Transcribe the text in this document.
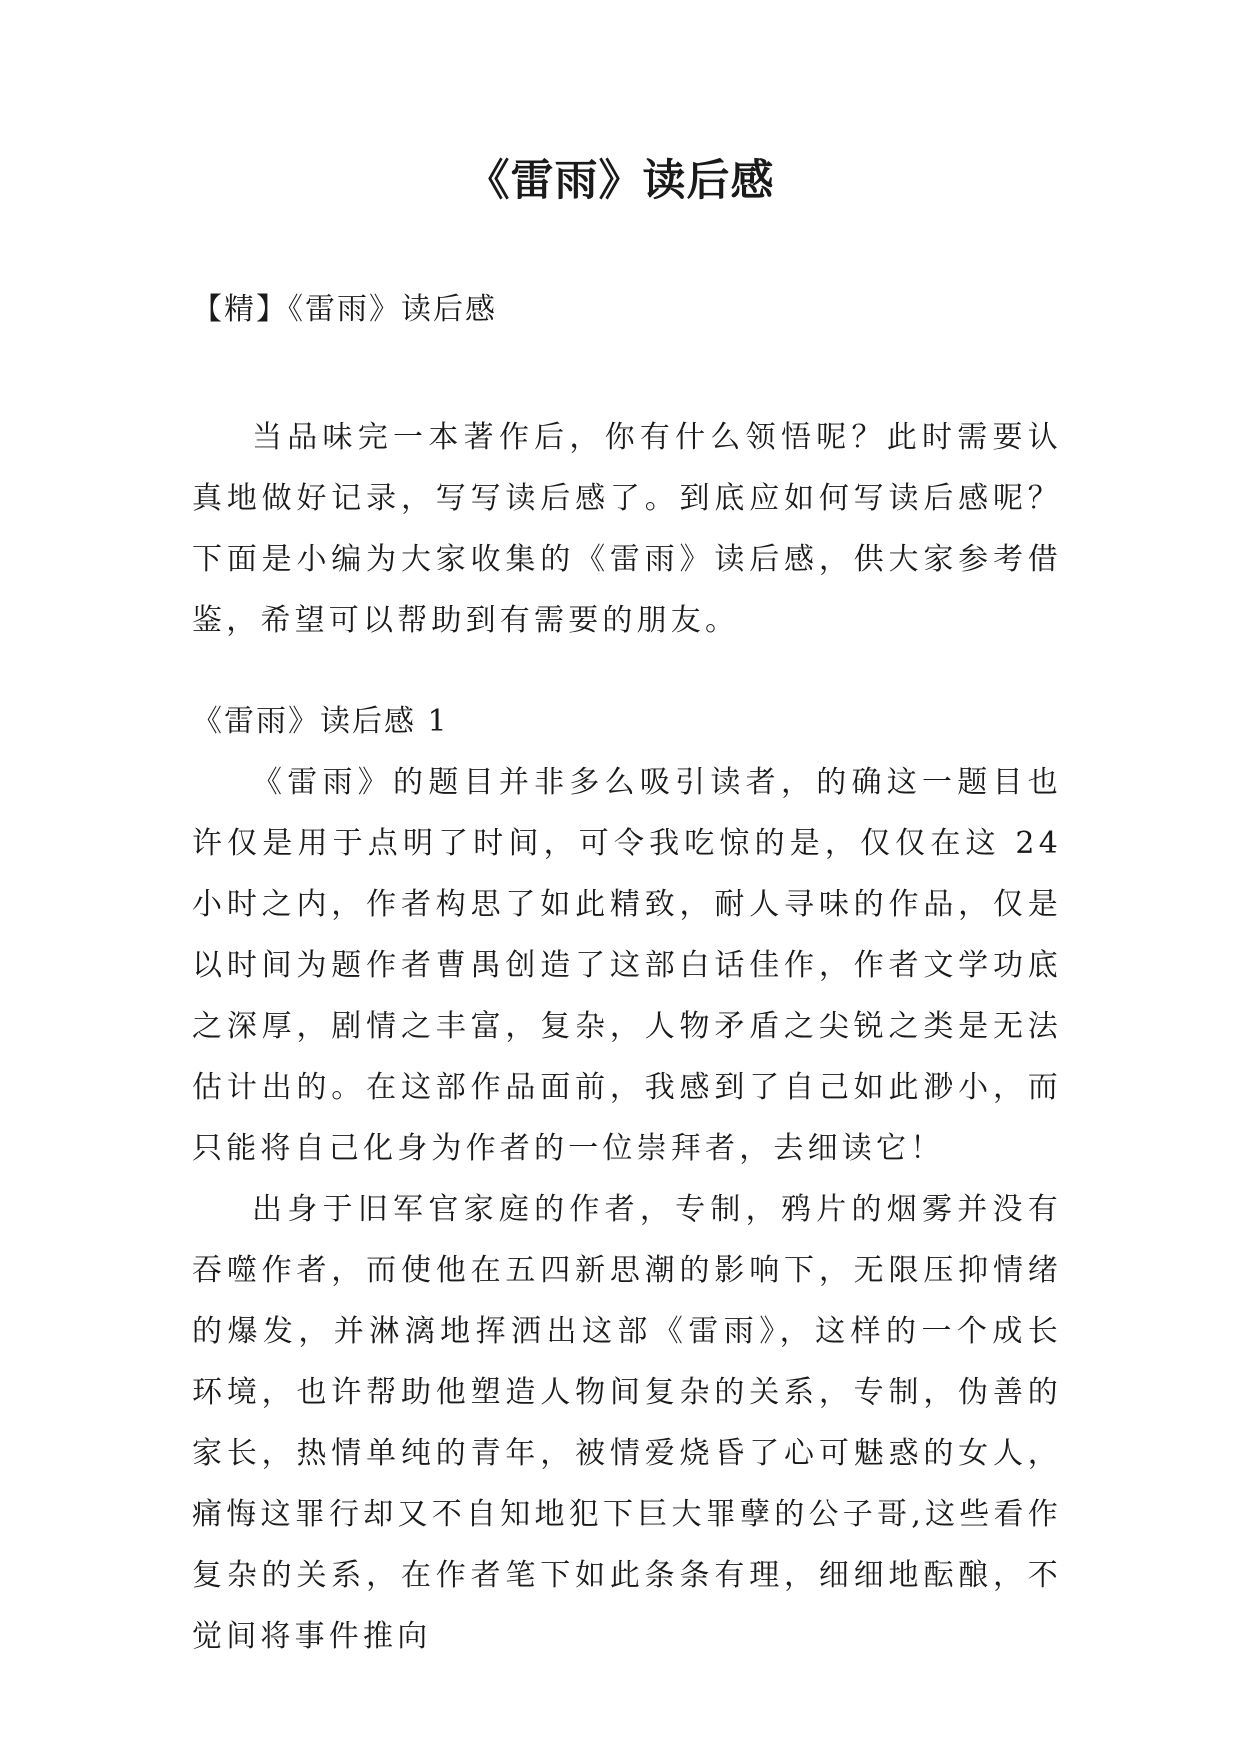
《雷雨》读后感
【精】《雷雨》读后感

当品味完一本著作后，你有什么领悟呢？此时需要认真地做好记录，写写读后感了。到底应如何写读后感呢？下面是小编为大家收集的《雷雨》读后感，供大家参考借鉴，希望可以帮助到有需要的朋友。

《雷雨》读后感 1

《雷雨》的题目并非多么吸引读者，的确这一题目也许仅是用于点明了时间，可令我吃惊的是，仅仅在这 24 小时之内，作者构思了如此精致，耐人寻味的作品，仅是以时间为题作者曹禺创造了这部白话佳作，作者文学功底之深厚，剧情之丰富，复杂，人物矛盾之尖锐之类是无法估计出的。在这部作品面前，我感到了自己如此渺小，而只能将自己化身为作者的一位崇拜者，去细读它！

出身于旧军官家庭的作者，专制，鸦片的烟雾并没有吞噬作者，而使他在五四新思潮的影响下，无限压抑情绪的爆发，并淋漓地挥洒出这部《雷雨》，这样的一个成长环境，也许帮助他塑造人物间复杂的关系，专制，伪善的家长，热情单纯的青年，被情爱烧昏了心可魅惑的女人，痛悔这罪行却又不自知地犯下巨大罪孽的公子哥,这些看作复杂的关系，在作者笔下如此条条有理，细细地酝酿，不觉间将事件推向
